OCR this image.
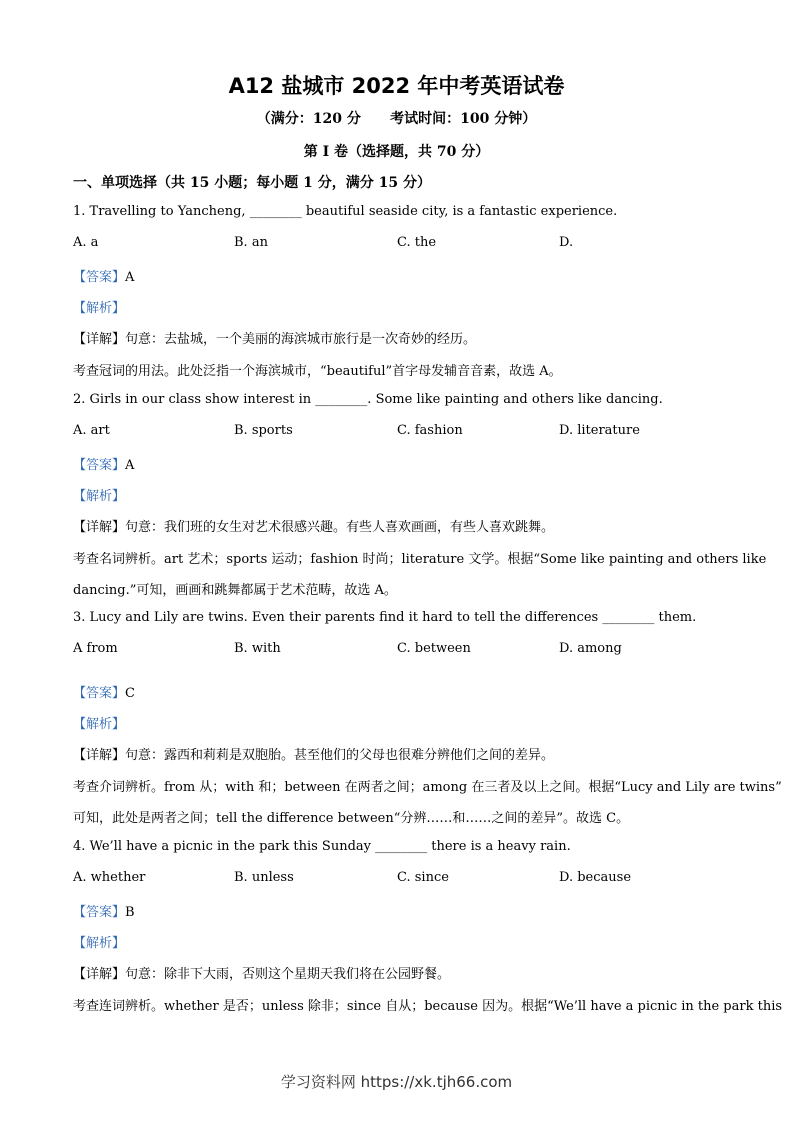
A12 盐城市 2022 年中考英语试卷
（满分：120 分      考试时间：100 分钟）
第 I 卷（选择题，共 70 分）
一、单项选择（共 15 小题；每小题 1 分，满分 15 分）
1. Travelling to Yancheng, ________ beautiful seaside city, is a fantastic experience.
A. a	B. an	C. the	D.
【答案】A
【解析】
【详解】句意：去盐城，一个美丽的海滨城市旅行是一次奇妙的经历。
考查冠词的用法。此处泛指一个海滨城市，“beautiful”首字母发辅音音素，故选 A。
2. Girls in our class show interest in ________. Some like painting and others like dancing.
A. art	B. sports	C. fashion	D. literature
【答案】A
【解析】
【详解】句意：我们班的女生对艺术很感兴趣。有些人喜欢画画，有些人喜欢跳舞。
考查名词辨析。art 艺术；sports 运动；fashion 时尚；literature 文学。根据“Some like painting and others like
dancing.”可知，画画和跳舞都属于艺术范畴，故选 A。
3. Lucy and Lily are twins. Even their parents find it hard to tell the differences ________ them.
A from	B. with	C. between	D. among
【答案】C
【解析】
【详解】句意：露西和莉莉是双胞胎。甚至他们的父母也很难分辨他们之间的差异。
考查介词辨析。from 从；with 和；between 在两者之间；among 在三者及以上之间。根据“Lucy and Lily are twins”
可知，此处是两者之间；tell the difference between“分辨……和……之间的差异”。故选 C。
4. We’ll have a picnic in the park this Sunday ________ there is a heavy rain.
A. whether	B. unless	C. since	D. because
【答案】B
【解析】
【详解】句意：除非下大雨，否则这个星期天我们将在公园野餐。
考查连词辨析。whether 是否；unless 除非；since 自从；because 因为。根据“We’ll have a picnic in the park this
学习资料网 https://xk.tjh66.com
